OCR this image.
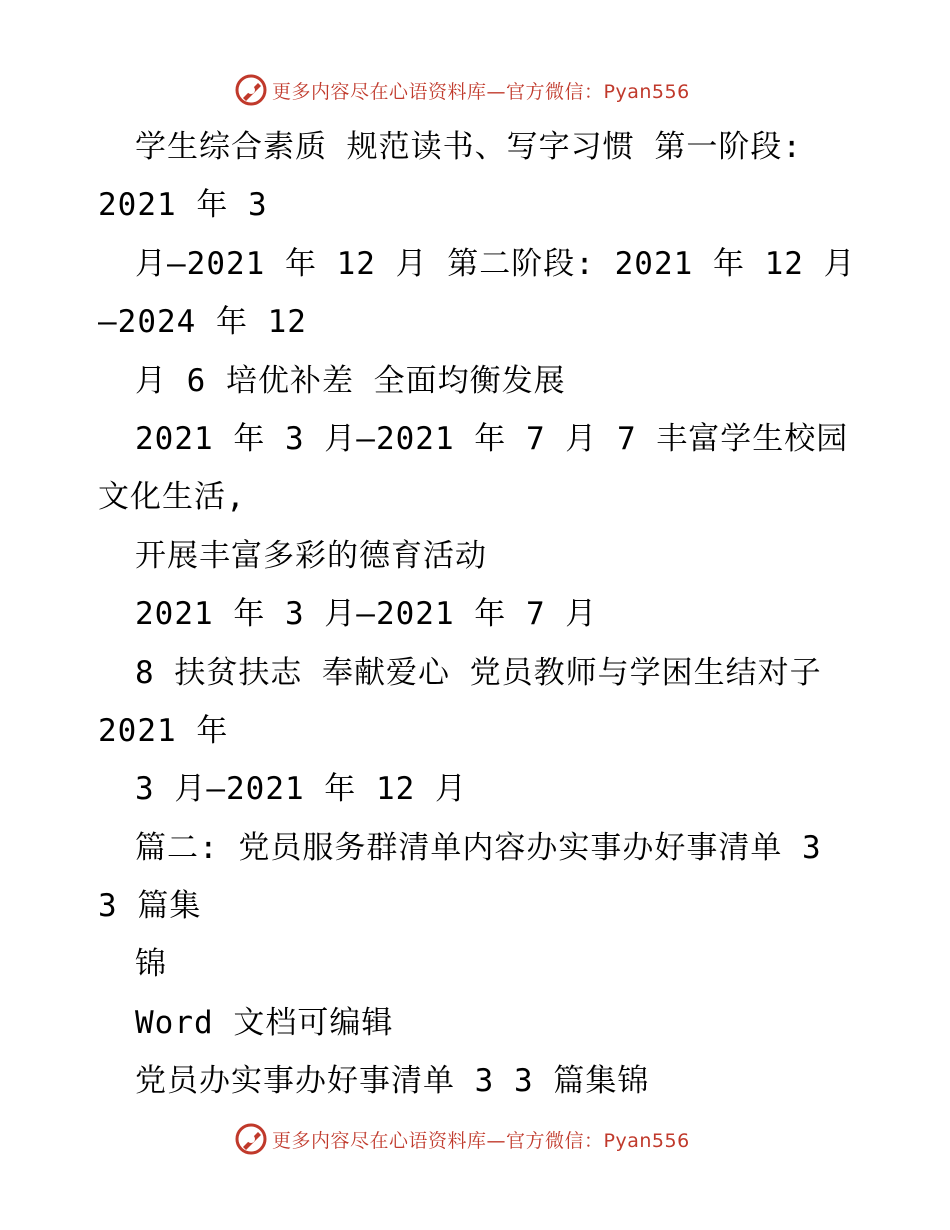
更多内容尽在心语资料库—官方微信：Pyan556
学生综合素质 规范读书、写字习惯 第一阶段:
2021 年 3
月—2021 年 12 月 第二阶段: 2021 年 12 月
—2024 年 12
月 6 培优补差 全面均衡发展
2021 年 3 月—2021 年 7 月 7 丰富学生校园
文化生活,
开展丰富多彩的德育活动
2021 年 3 月—2021 年 7 月
8 扶贫扶志 奉献爱心 党员教师与学困生结对子
2021 年
3 月—2021 年 12 月
篇二: 党员服务群清单内容办实事办好事清单 3
3 篇集
锦
Word 文档可编辑
党员办实事办好事清单 3 3 篇集锦
更多内容尽在心语资料库—官方微信：Pyan556
